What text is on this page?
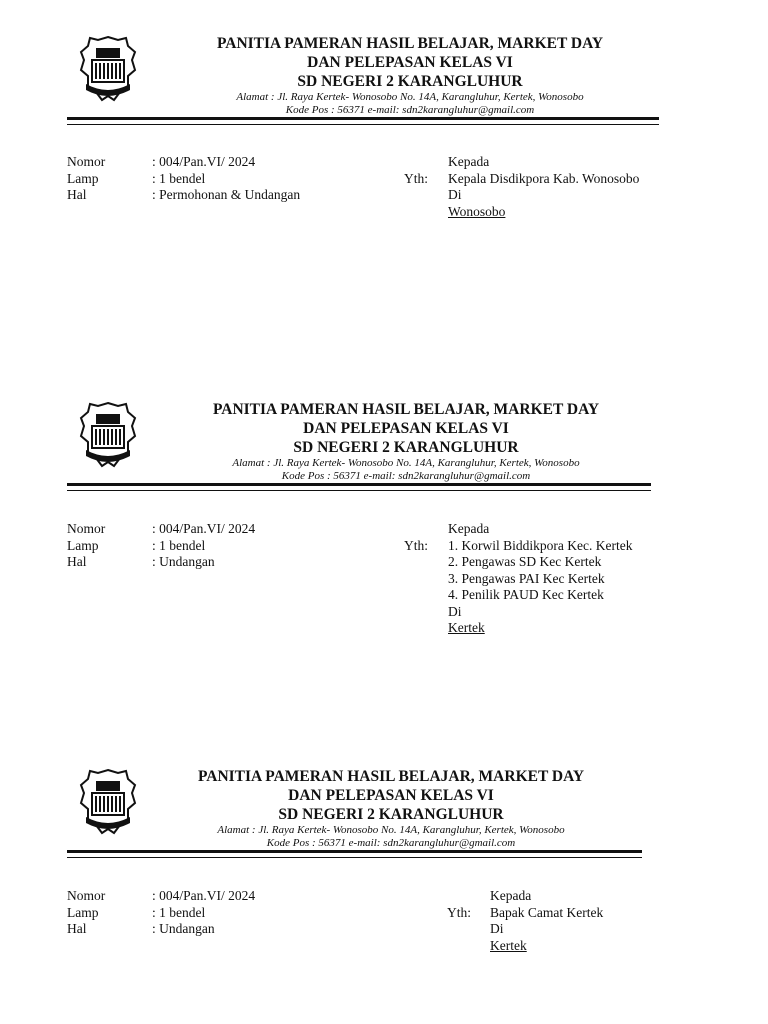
PANITIA PAMERAN HASIL BELAJAR, MARKET DAY
DAN PELEPASAN KELAS VI
SD NEGERI 2 KARANGLUHUR
Alamat : Jl. Raya Kertek- Wonosobo No. 14A, Karangluhur, Kertek, Wonosobo
Kode Pos : 56371 e-mail: sdn2karangluhur@gmail.com
Nomor	: 004/Pan.VI/ 2024
Lamp	: 1 bendel
Hal	: Permohonan & Undangan
Yth:
Kepada
Kepala Disdikpora Kab. Wonosobo
Di
Wonosobo
PANITIA PAMERAN HASIL BELAJAR, MARKET DAY
DAN PELEPASAN KELAS VI
SD NEGERI 2 KARANGLUHUR
Alamat : Jl. Raya Kertek- Wonosobo No. 14A, Karangluhur, Kertek, Wonosobo
Kode Pos : 56371 e-mail: sdn2karangluhur@gmail.com
Nomor	: 004/Pan.VI/ 2024
Lamp	: 1 bendel
Hal	: Undangan
Yth:
Kepada
1. Korwil Biddikpora Kec. Kertek
2. Pengawas SD Kec Kertek
3. Pengawas PAI Kec Kertek
4. Penilik PAUD Kec Kertek
Di
Kertek
PANITIA PAMERAN HASIL BELAJAR, MARKET DAY
DAN PELEPASAN KELAS VI
SD NEGERI 2 KARANGLUHUR
Alamat : Jl. Raya Kertek- Wonosobo No. 14A, Karangluhur, Kertek, Wonosobo
Kode Pos : 56371 e-mail: sdn2karangluhur@gmail.com
Nomor	: 004/Pan.VI/ 2024
Lamp	: 1 bendel
Hal	: Undangan
Yth:
Kepada
Bapak Camat Kertek
Di
Kertek
